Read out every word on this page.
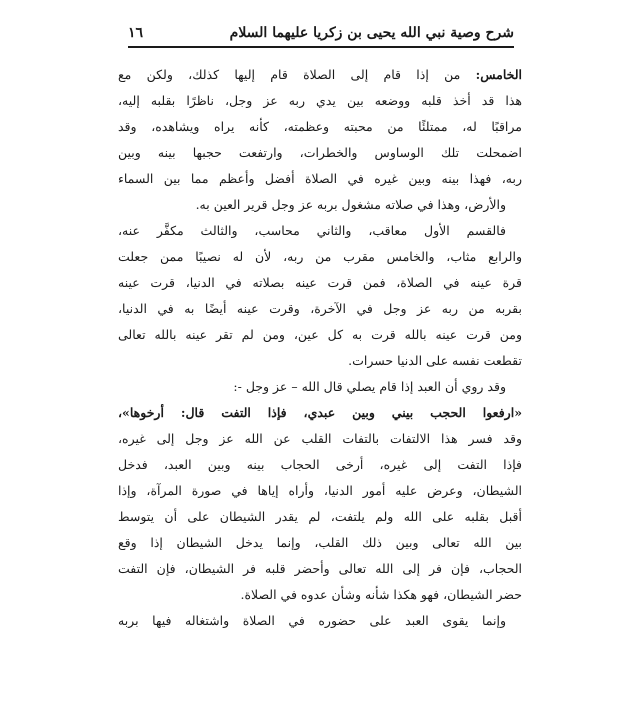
شرح وصية نبي الله يحيى بن زكريا عليهما السلام
١٦
الخامس: من إذا قام إلى الصلاة قام إليها كذلك، ولكن مع
هذا قد أخذ قلبه ووضعه بين يدي ربه عز وجل، ناظرًا بقلبه إليه،
مراقبًا له، ممتلئًا من محبته وعظمته، كأنه يراه ويشاهده، وقد
اضمحلت تلك الوساوس والخطرات، وارتفعت حجبها بينه وبين
ربه، فهذا بينه وبين غيره في الصلاة أفضل وأعظم مما بين السماء
والأرض، وهذا في صلاته مشغول بربه عز وجل قرير العين به.
فالقسم الأول معاقب، والثاني محاسب، والثالث مكفَّر عنه،
والرابع مثاب، والخامس مقرب من ربه، لأن له نصيبًا ممن جعلت
قرة عينه في الصلاة، فمن قرت عينه بصلاته في الدنيا، قرت عينه
بقربه من ربه عز وجل في الآخرة، وقرت عينه أيضًا به في الدنيا،
ومن قرت عينه بالله قرت به كل عين، ومن لم تقر عينه بالله تعالى
تقطعت نفسه على الدنيا حسرات.
وقد روي أن العبد إذا قام يصلي قال الله – عز وجل -:
«ارفعوا الحجب بيني وبين عبدي، فإذا التفت قال: أرخوها»،
وقد فسر هذا الالتفات بالتفات القلب عن الله عز وجل إلى غيره،
فإذا التفت إلى غيره، أرخى الحجاب بينه وبين العبد، فدخل
الشيطان، وعرض عليه أمور الدنيا، وأراه إياها في صورة المرآة، وإذا
أقبل بقلبه على الله ولم يلتفت، لم يقدر الشيطان على أن يتوسط
بين الله تعالى وبين ذلك القلب، وإنما يدخل الشيطان إذا وقع
الحجاب، فإن فر إلى الله تعالى وأحضر قلبه فر الشيطان، فإن التفت
حضر الشيطان، فهو هكذا شأنه وشأن عدوه في الصلاة.
وإنما يقوى العبد على حضوره في الصلاة واشتغاله فيها بربه
